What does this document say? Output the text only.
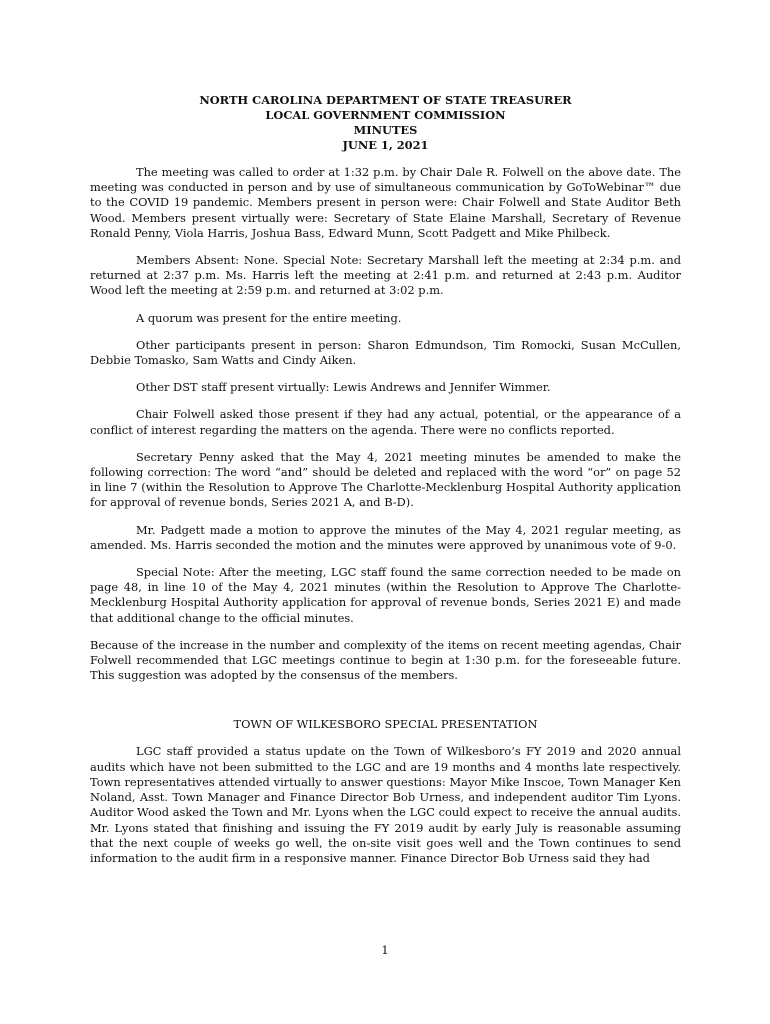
NORTH CAROLINA DEPARTMENT OF STATE TREASURER
LOCAL GOVERNMENT COMMISSION
MINUTES
JUNE 1, 2021

The meeting was called to order at 1:32 p.m. by Chair Dale R. Folwell on the above date. The meeting was conducted in person and by use of simultaneous communication by GoToWebinar™ due to the COVID 19 pandemic. Members present in person were: Chair Folwell and State Auditor Beth Wood. Members present virtually were: Secretary of State Elaine Marshall, Secretary of Revenue Ronald Penny, Viola Harris, Joshua Bass, Edward Munn, Scott Padgett and Mike Philbeck.

Members Absent: None. Special Note: Secretary Marshall left the meeting at 2:34 p.m. and returned at 2:37 p.m. Ms. Harris left the meeting at 2:41 p.m. and returned at 2:43 p.m. Auditor Wood left the meeting at 2:59 p.m. and returned at 3:02 p.m.

A quorum was present for the entire meeting.

Other participants present in person: Sharon Edmundson, Tim Romocki, Susan McCullen, Debbie Tomasko, Sam Watts and Cindy Aiken.

Other DST staff present virtually: Lewis Andrews and Jennifer Wimmer.

Chair Folwell asked those present if they had any actual, potential, or the appearance of a conflict of interest regarding the matters on the agenda. There were no conflicts reported.

Secretary Penny asked that the May 4, 2021 meeting minutes be amended to make the following correction: The word “and” should be deleted and replaced with the word “or” on page 52 in line 7 (within the Resolution to Approve The Charlotte-Mecklenburg Hospital Authority application for approval of revenue bonds, Series 2021 A, and B-D).

Mr. Padgett made a motion to approve the minutes of the May 4, 2021 regular meeting, as amended. Ms. Harris seconded the motion and the minutes were approved by unanimous vote of 9-0.

Special Note: After the meeting, LGC staff found the same correction needed to be made on page 48, in line 10 of the May 4, 2021 minutes (within the Resolution to Approve The Charlotte-Mecklenburg Hospital Authority application for approval of revenue bonds, Series 2021 E) and made that additional change to the official minutes.

Because of the increase in the number and complexity of the items on recent meeting agendas, Chair Folwell recommended that LGC meetings continue to begin at 1:30 p.m. for the foreseeable future. This suggestion was adopted by the consensus of the members.

TOWN OF WILKESBORO SPECIAL PRESENTATION

LGC staff provided a status update on the Town of Wilkesboro’s FY 2019 and 2020 annual audits which have not been submitted to the LGC and are 19 months and 4 months late respectively. Town representatives attended virtually to answer questions: Mayor Mike Inscoe, Town Manager Ken Noland, Asst. Town Manager and Finance Director Bob Urness, and independent auditor Tim Lyons. Auditor Wood asked the Town and Mr. Lyons when the LGC could expect to receive the annual audits. Mr. Lyons stated that finishing and issuing the FY 2019 audit by early July is reasonable assuming that the next couple of weeks go well, the on-site visit goes well and the Town continues to send information to the audit firm in a responsive manner. Finance Director Bob Urness said they had

1
